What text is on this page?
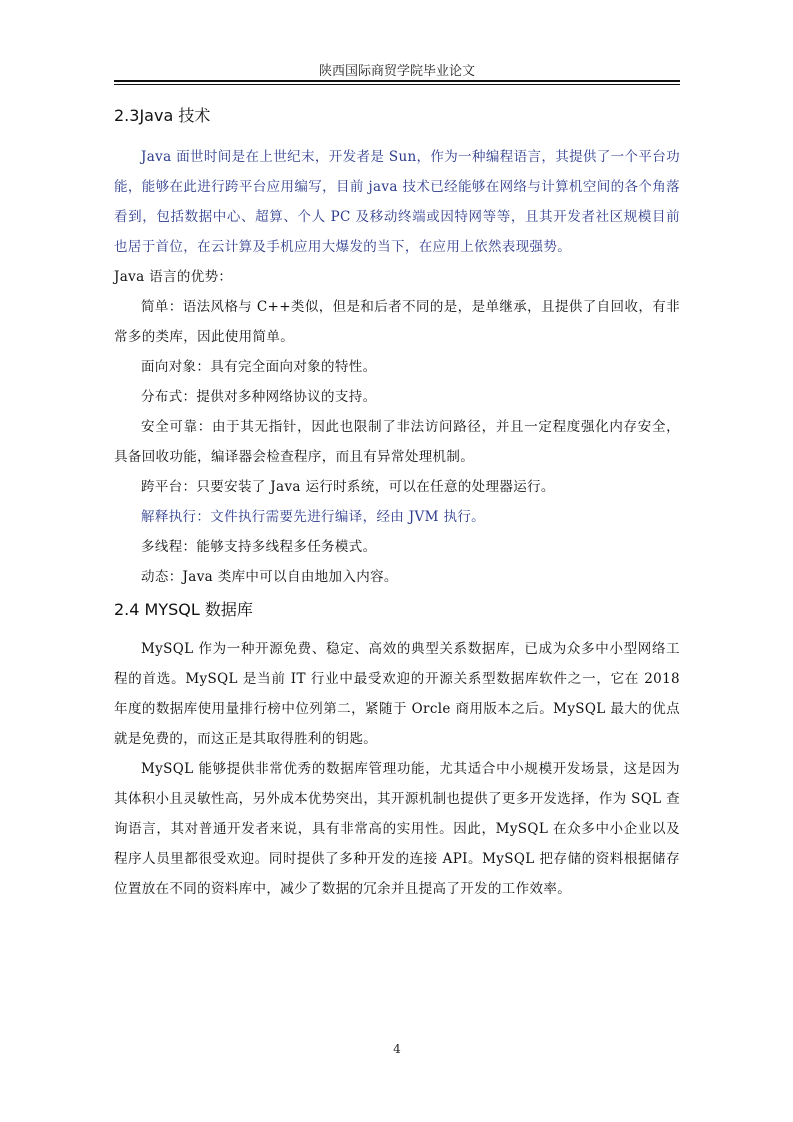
陕西国际商贸学院毕业论文
2.3Java 技术

Java 面世时间是在上世纪末，开发者是 Sun，作为一种编程语言，其提供了一个平台功能，能够在此进行跨平台应用编写，目前 java 技术已经能够在网络与计算机空间的各个角落看到，包括数据中心、超算、个人 PC 及移动终端或因特网等等，且其开发者社区规模目前也居于首位，在云计算及手机应用大爆发的当下，在应用上依然表现强势。

Java 语言的优势：

简单：语法风格与 C++类似，但是和后者不同的是，是单继承，且提供了自回收，有非常多的类库，因此使用简单。

面向对象：具有完全面向对象的特性。

分布式：提供对多种网络协议的支持。

安全可靠：由于其无指针，因此也限制了非法访问路径，并且一定程度强化内存安全，具备回收功能，编译器会检查程序，而且有异常处理机制。

跨平台：只要安装了 Java 运行时系统，可以在任意的处理器运行。

解释执行：文件执行需要先进行编译，经由 JVM 执行。

多线程：能够支持多线程多任务模式。

动态：Java 类库中可以自由地加入内容。

2.4 MYSQL 数据库

MySQL 作为一种开源免费、稳定、高效的典型关系数据库，已成为众多中小型网络工程的首选。MySQL 是当前 IT 行业中最受欢迎的开源关系型数据库软件之一，它在 2018 年度的数据库使用量排行榜中位列第二，紧随于 Orcle 商用版本之后。MySQL 最大的优点就是免费的，而这正是其取得胜利的钥匙。

MySQL 能够提供非常优秀的数据库管理功能，尤其适合中小规模开发场景，这是因为其体积小且灵敏性高，另外成本优势突出，其开源机制也提供了更多开发选择，作为 SQL 查询语言，其对普通开发者来说，具有非常高的实用性。因此，MySQL 在众多中小企业以及程序人员里都很受欢迎。同时提供了多种开发的连接 API。MySQL 把存储的资料根据储存位置放在不同的资料库中，减少了数据的冗余并且提高了开发的工作效率。

4
